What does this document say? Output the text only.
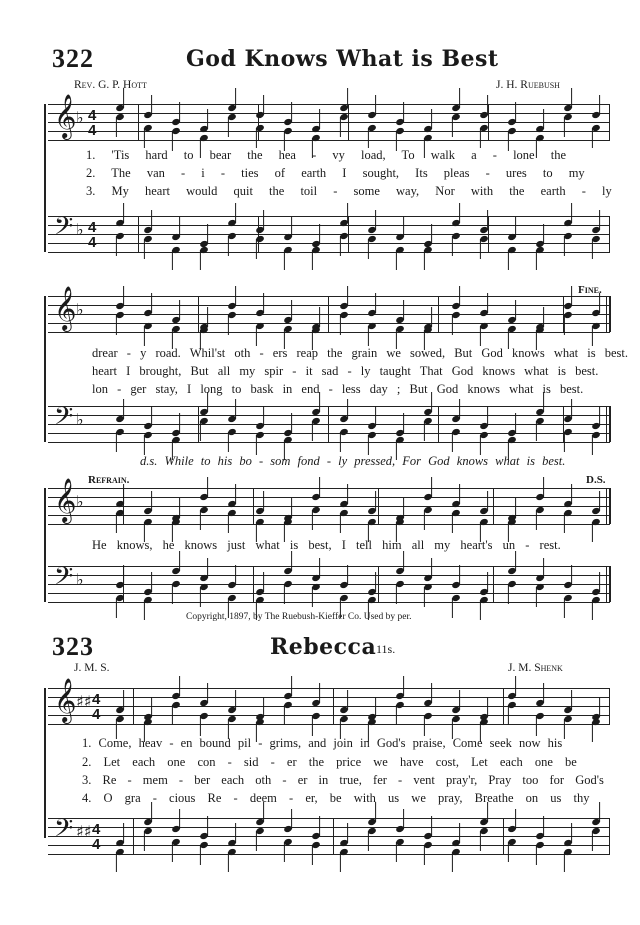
322	God Knows What is Best
Rev. G. P. Hott	J. H. Ruebush
𝄞 ♭ 4
4
1. 'Tis hard to bear the hea - vy load, To walk a - lone the
2. The van - i - ties of earth I sought, Its pleas - ures to my
3. My heart would quit the toil - some way, Nor with the earth - ly
𝄢 ♭ 4
4
Fine.
𝄞 ♭
drear - y road. Whil'st oth - ers reap the grain we sowed, But God knows what is best.
heart I brought, But all my spir - it sad - ly taught That God knows what is best.
lon - ger stay, I long to bask in end - less day ; But God knows what is best.
𝄢 ♭
d.s. While to his bo - som fond - ly pressed, For God knows what is best.
Refrain.	D.S.
𝄞 ♭
He knows, he knows just what is best, I tell him all my heart's un - rest.
𝄢 ♭
Copyright, 1897, by The Ruebush-Kieffer Co. Used by per.
323	Rebecca 11s.
J. M. S.	J. M. Shenk
𝄞 ♯♯ 4
4
1. Come, heav - en bound pil - grims, and join in God's praise, Come seek now his
2. Let each one con - sid - er the price we have cost, Let each one be
3. Re - mem - ber each oth - er in true, fer - vent pray'r, Pray too for God's
4. O gra - cious Re - deem - er, be with us we pray, Breathe on us thy
𝄢 ♯♯ 4
4
